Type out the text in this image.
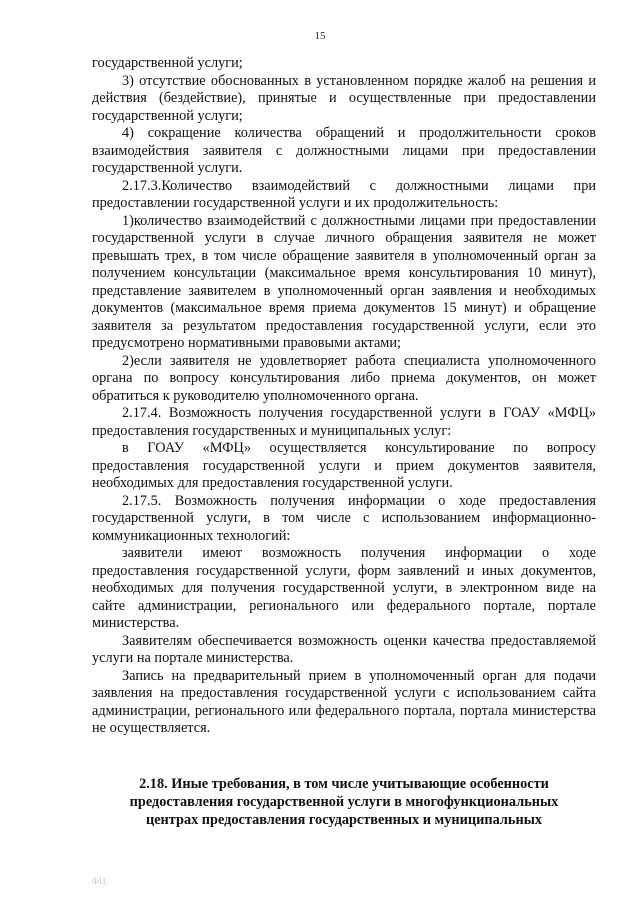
15

государственной услуги;

3) отсутствие обоснованных в установленном порядке жалоб на решения и действия (бездействие), принятые и осуществленные при предоставлении государственной услуги;

4) сокращение количества обращений и продолжительности сроков взаимодействия заявителя с должностными лицами при предоставлении государственной услуги.

2.17.3.Количество взаимодействий с должностными лицами при предоставлении государственной услуги и их продолжительность:

1)количество взаимодействий с должностными лицами при предоставлении государственной услуги в случае личного обращения заявителя не может превышать трех, в том числе обращение заявителя в уполномоченный орган за получением консультации (максимальное время консультирования 10 минут), представление заявителем в уполномоченный орган заявления и необходимых документов (максимальное время приема документов 15 минут) и обращение заявителя за результатом предоставления государственной услуги, если это предусмотрено нормативными правовыми актами;

2)если заявителя не удовлетворяет работа специалиста уполномоченного органа по вопросу консультирования либо приема документов, он может обратиться к руководителю уполномоченного органа.

2.17.4. Возможность получения государственной услуги в ГОАУ «МФЦ» предоставления государственных и муниципальных услуг:

в ГОАУ «МФЦ» осуществляется консультирование по вопросу предоставления государственной услуги и прием документов заявителя, необходимых для предоставления государственной услуги.

2.17.5. Возможность получения информации о ходе предоставления государственной услуги, в том числе с использованием информационно-коммуникационных технологий:

заявители имеют возможность получения информации о ходе предоставления государственной услуги, форм заявлений и иных документов, необходимых для получения государственной услуги, в электронном виде на сайте администрации, регионального или федерального портале, портале министерства.

Заявителям обеспечивается возможность оценки качества предоставляемой услуги на портале министерства.

Запись на предварительный прием в уполномоченный орган для подачи заявления на предоставления государственной услуги с использованием сайта администрации, регионального или федерального портала, портала министерства не осуществляется.

2.18. Иные требования, в том числе учитывающие особенности
предоставления государственной услуги в многофункциональных
центрах предоставления государственных и муниципальных
ФЦ
